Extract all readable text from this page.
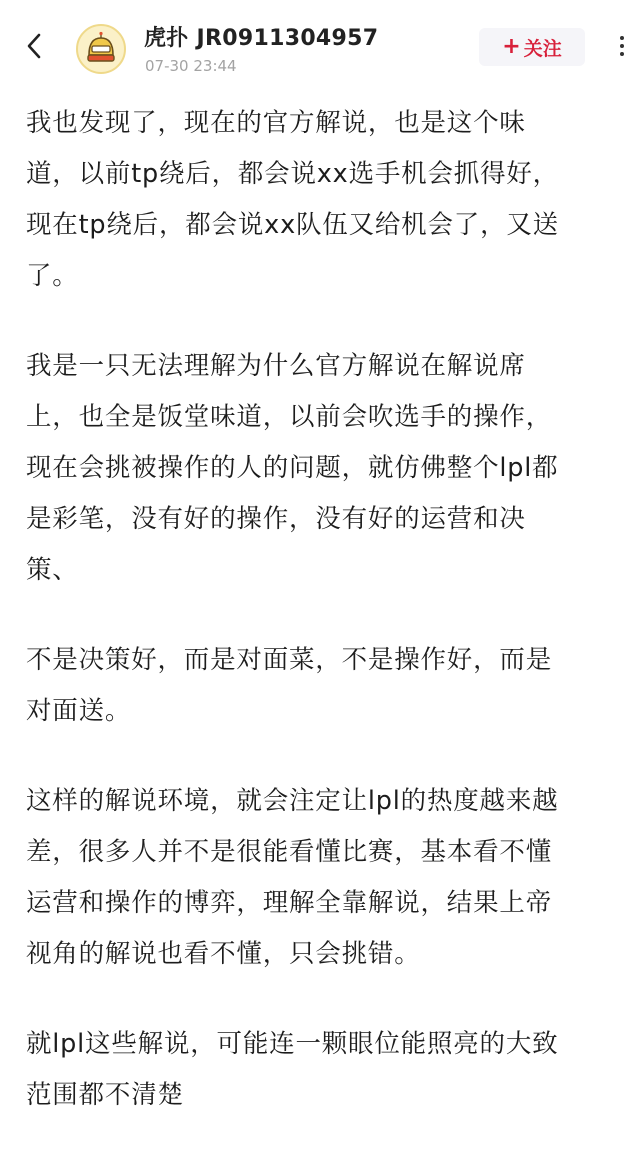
虎扑 JR0911304957
07-30 23:44
+ 关注

我也发现了，现在的官方解说，也是这个味
道，以前tp绕后，都会说xx选手机会抓得好，
现在tp绕后，都会说xx队伍又给机会了，又送
了。

我是一只无法理解为什么官方解说在解说席
上，也全是饭堂味道，以前会吹选手的操作，
现在会挑被操作的人的问题，就仿佛整个lpl都
是彩笔，没有好的操作，没有好的运营和决
策、

不是决策好，而是对面菜，不是操作好，而是
对面送。

这样的解说环境，就会注定让lpl的热度越来越
差，很多人并不是很能看懂比赛，基本看不懂
运营和操作的博弈，理解全靠解说，结果上帝
视角的解说也看不懂，只会挑错。

就lpl这些解说，可能连一颗眼位能照亮的大致
范围都不清楚
